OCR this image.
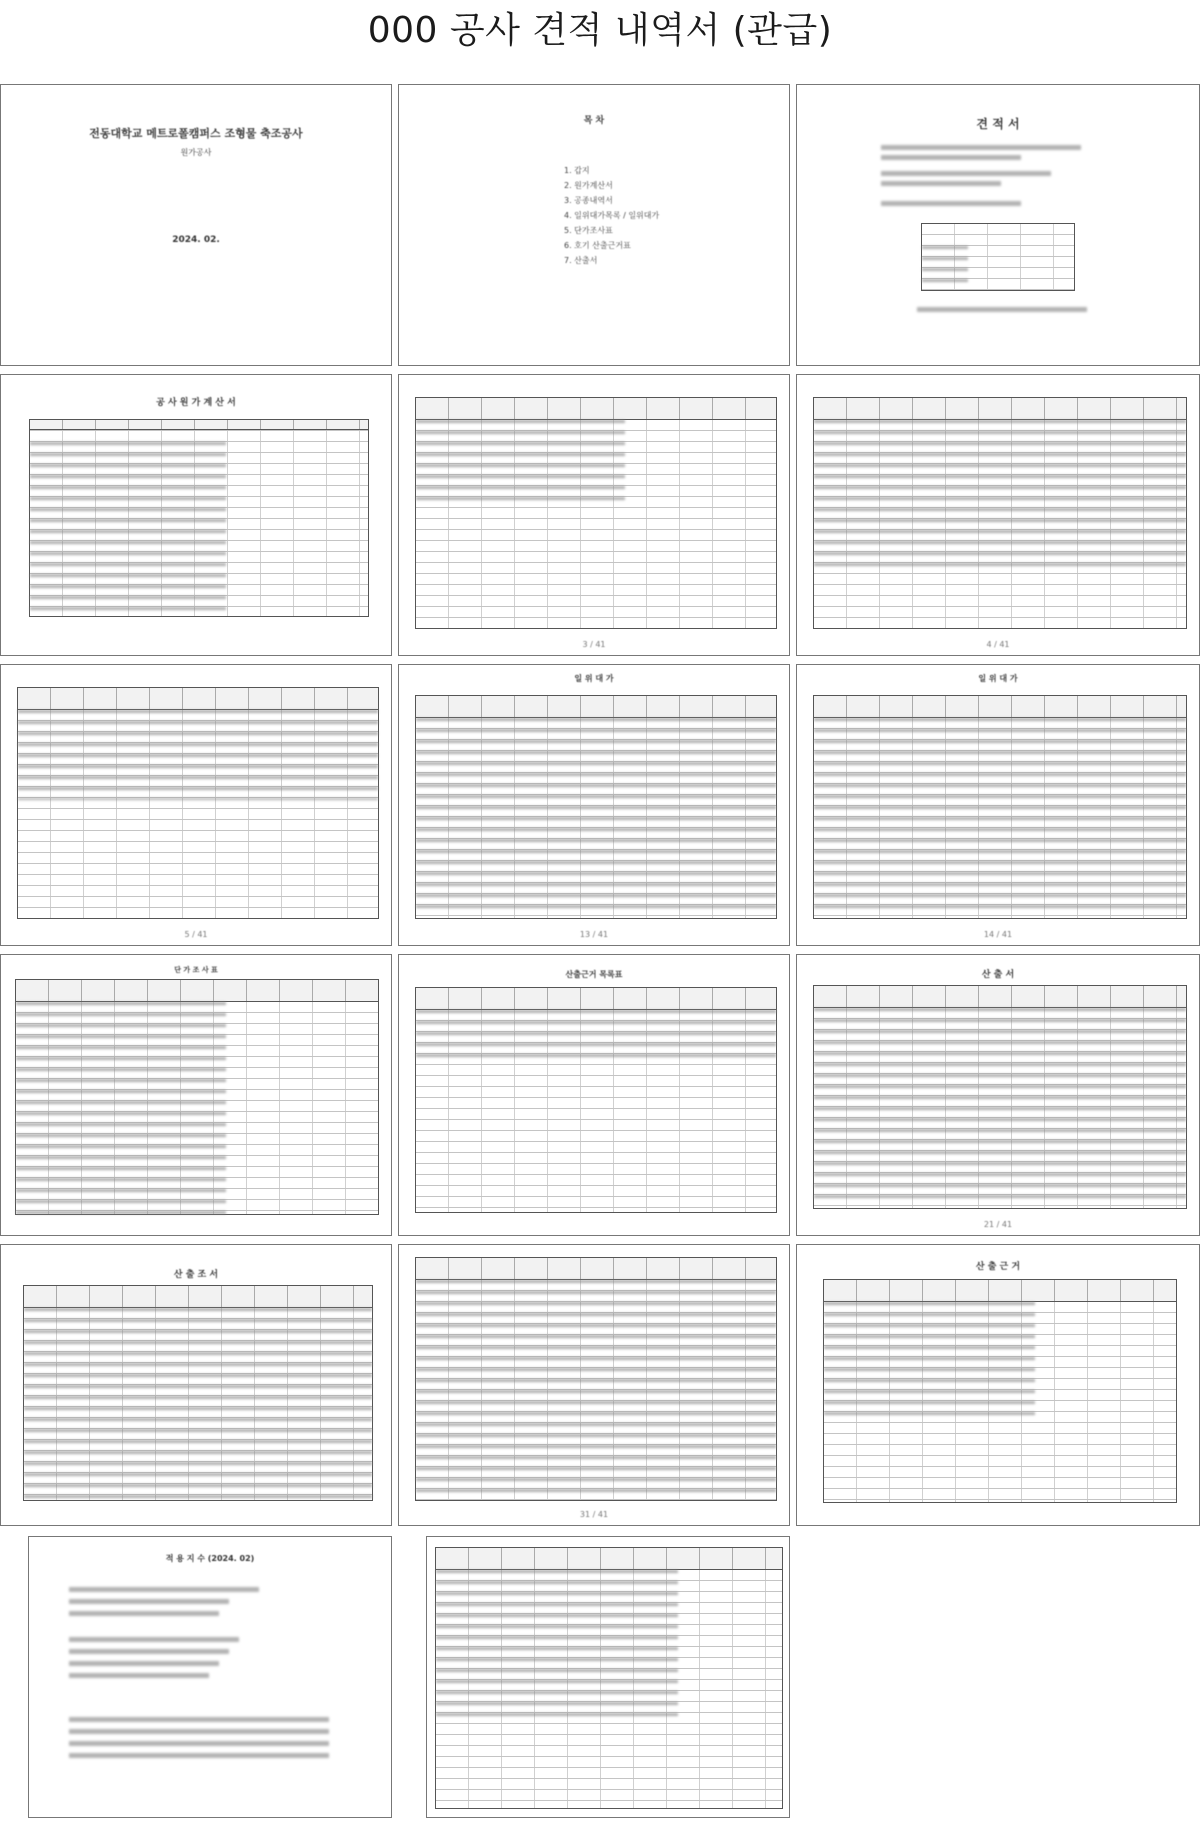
000 공사 견적 내역서 (관급)
전동대학교 메트로폴캠퍼스 조형물 축조공사
원가공사
2024. 02.
목 차
1. 갑지
2. 원가계산서
3. 공종내역서
4. 일위대가목록 / 일위대가
5. 단가조사표
6. 호기 산출근거표
7. 산출서
견 적 서
공 사 원 가 계 산 서
3 / 41	4 / 41
5 / 41
일 위 대 가
13 / 41
일 위 대 가
14 / 41
단 가 조 사 표	산출근거 목록표	산 출 서
21 / 41
산 출 조 서
31 / 41
산 출 근 거
적 용 지 수 (2024. 02)
